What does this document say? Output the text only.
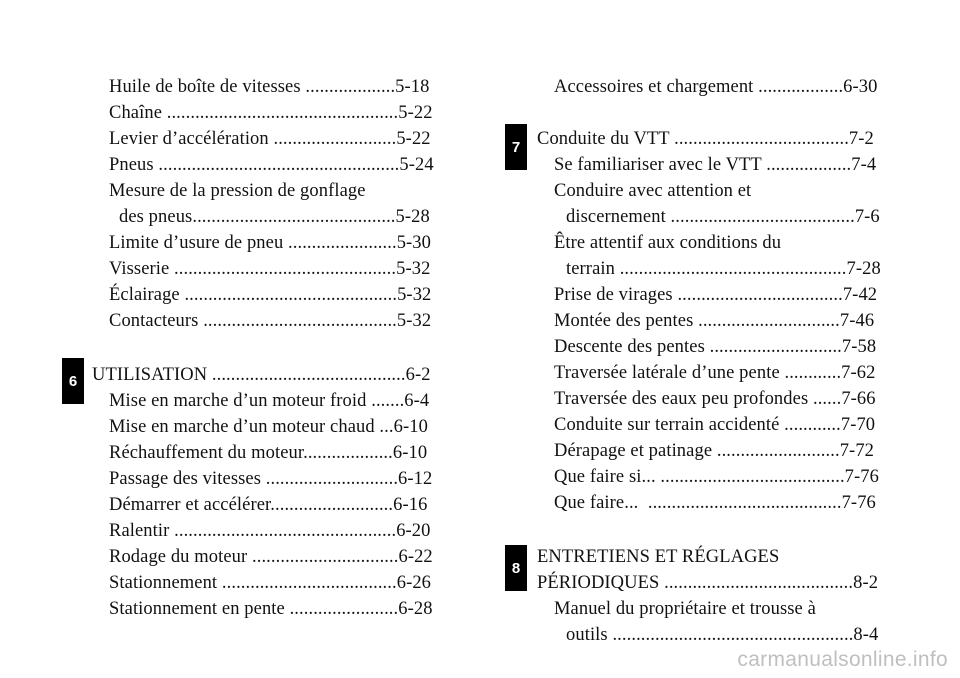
Huile de boîte de vitesses ...................5-18
Chaîne .................................................5-22
Levier d’accélération ..........................5-22
Pneus ...................................................5-24
Mesure de la pression de gonflage
des pneus...........................................5-28
Limite d’usure de pneu .......................5-30
Visserie ...............................................5-32
Éclairage .............................................5-32
Contacteurs .........................................5-32
UTILISATION .........................................6-2
Mise en marche d’un moteur froid .......6-4
Mise en marche d’un moteur chaud ...6-10
Réchauffement du moteur...................6-10
Passage des vitesses ............................6-12
Démarrer et accélérer..........................6-16
Ralentir ...............................................6-20
Rodage du moteur ...............................6-22
Stationnement .....................................6-26
Stationnement en pente .......................6-28
Accessoires et chargement ..................6-30
Conduite du VTT .....................................7-2
Se familiariser avec le VTT ..................7-4
Conduire avec attention et
discernement .......................................7-6
Être attentif aux conditions du
terrain ................................................7-28
Prise de virages ...................................7-42
Montée des pentes ..............................7-46
Descente des pentes ............................7-58
Traversée latérale d’une pente ............7-62
Traversée des eaux peu profondes ......7-66
Conduite sur terrain accidenté ............7-70
Dérapage et patinage ..........................7-72
Que faire si... .......................................7-76
Que faire...  .........................................7-76
ENTRETIENS ET RÉGLAGES
PÉRIODIQUES ........................................8-2
Manuel du propriétaire et trousse à
outils ...................................................8-4
6
7
8
carmanualsonline.info
